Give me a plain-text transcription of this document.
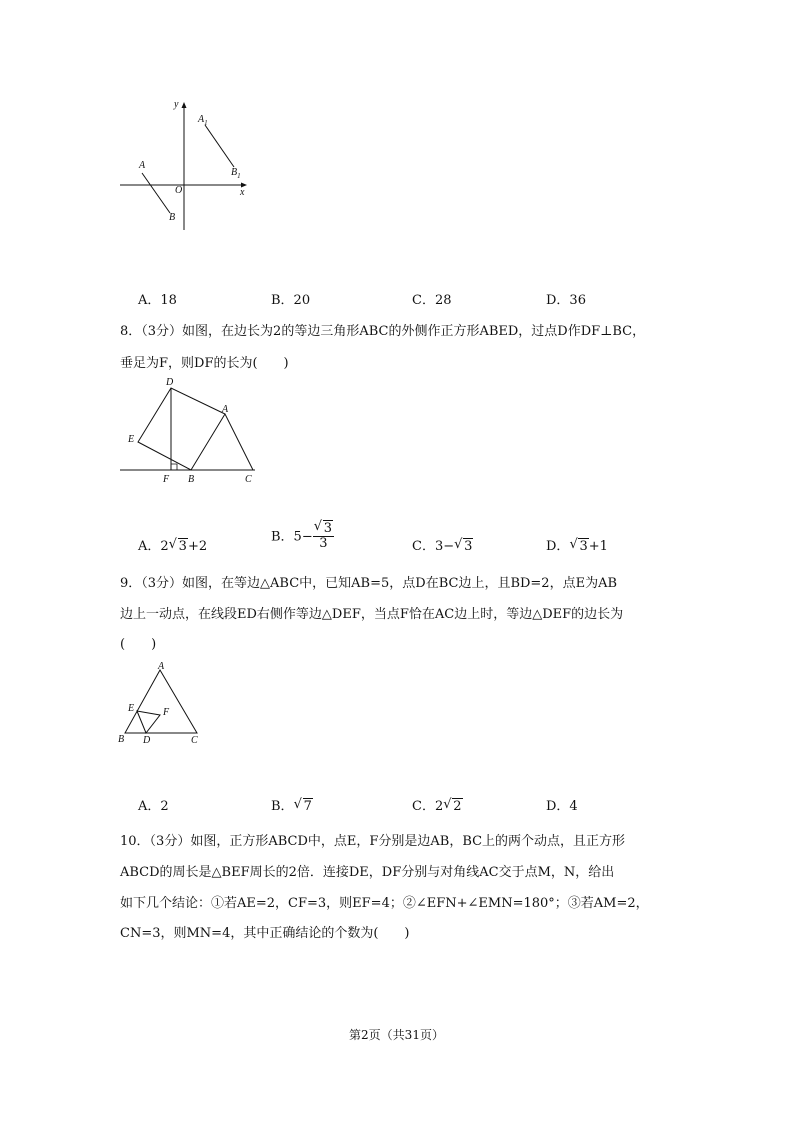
y
x
O
A
B
$A_1$
$B_1$
A．18	B．20	C．28	D．36
8．（3分）如图，在边长为2的等边三角形ABC的外侧作正方形ABED，过点D作DF⊥BC，
垂足为F，则DF的长为(　　)
D
A
E
F B	C
A．2 √ 3+2
B．$5- \frac{√ 3}{3}$	C．3− √ 3	D． √ 3+1
9．（3分）如图，在等边△ABC中，已知AB=5，点D在BC边上，且BD=2，点E为AB
边上一动点，在线段ED右侧作等边△DEF，当点F恰在AC边上时，等边△DEF的边长为
(　　)
A
E	F
B D	C
A．2	B． √ 7	C．2 √ 2	D．4
10．（3分）如图，正方形ABCD中，点E，F分别是边AB，BC上的两个动点，且正方形
ABCD的周长是△BEF周长的2倍．连接DE，DF分别与对角线AC交于点M，N，给出
如下几个结论：①若AE=2，CF=3，则EF=4；②∠EFN+∠EMN=180°；③若AM=2，
CN=3，则MN=4，其中正确结论的个数为(　　)
第2页（共31页）
